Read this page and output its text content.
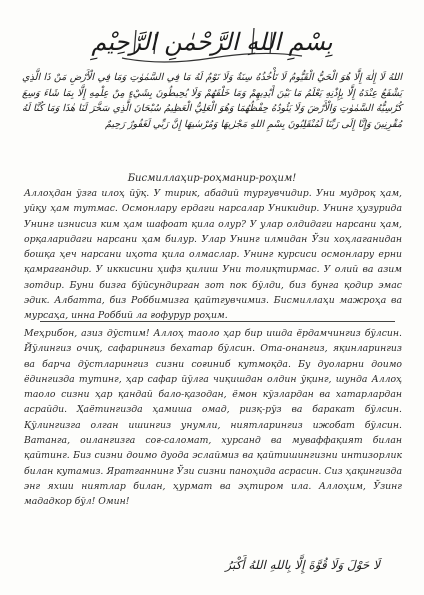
بِسْمِ اللهِ الرَّحْمٰنِ الرَّحِيْمِ
اللهُ لَا إِلٰهَ إِلَّا هُوَ الْحَيُّ الْقَيُّومُ لَا تَأْخُذُهُ سِنَةٌ وَلَا نَوْمٌ لَهُ مَا فِي السَّمٰوٰتِ وَمَا فِي الْأَرْضِ مَنْ ذَا الَّذِي يَشْفَعُ عِنْدَهُ إِلَّا بِإِذْنِهِ يَعْلَمُ مَا بَيْنَ أَيْدِيهِمْ وَمَا خَلْفَهُمْ وَلَا يُحِيطُونَ بِشَيْءٍ مِنْ عِلْمِهِ إِلَّا بِمَا شَاءَ وَسِعَ كُرْسِيُّهُ السَّمٰوٰتِ وَالْأَرْضَ وَلَا يَئُودُهُ حِفْظُهُمَا وَهُوَ الْعَلِيُّ الْعَظِيمُ سُبْحَانَ الَّذِي سَخَّرَ لَنَا هٰذَا وَمَا كُنَّا لَهُ مُقْرِنِينَ وَإِنَّا إِلَى رَبِّنَا لَمُنْقَلِبُونَ بِسْمِ اللهِ مَجْرٰيهَا وَمُرْسٰيهَا إِنَّ رَبِّي لَغَفُورٌ رَحِيمٌ
Бисмиллаҳир-роҳманир-роҳим!
Аллоҳдан ўзгa илоҳ йўқ. У тирик, абадий тургувчидир. Уни мудроқ ҳам, уйқу ҳам тутмас. Осмонлару ердаги нарсалар Уникидир. Унинг ҳузурида Унинг изнисиз ким ҳам шафоат қила олур? У улар олдидаги нарсани ҳам, орқаларидаги нарсани ҳам билур. Улар Унинг илмидан Ўзи хоҳлаганидан бошқа ҳеч нарсани иҳота қила олмаслар. Унинг курсиси осмонлару ерни қамрагандир. У иккисини ҳифз қилиш Уни толиқтирмас. У олий ва азим зотдир. Буни бизга бўйсундирган зот пок бўлди, биз бунга қодир эмас эдик. Албатта, биз Роббимизга қайтгувчимиз. Бисмиллаҳи мажроҳа ва мурсаҳа, инна Роббий ла ғофурур роҳим.
Меҳрибон, азиз дўстим! Аллоҳ таоло ҳар бир ишда ёрдамчингиз бўлсин. Йўлингиз очиқ, сафарингиз бехатар бўлсин. Ота-онангиз, яқинларингиз ва барча дўстларингиз сизни соғиниб кутмоқда. Бу дуоларни доимо ёдингизда тутинг, ҳар сафар йўлга чиқишдан олдин ўқинг, шунда Аллоҳ таоло сизни ҳар қандай бало-қазодан, ёмон кўзлардан ва хатарлардан асрайди. Ҳаётингизда ҳамиша омад, ризқ-рўз ва баракат бўлсин. Қўлингизга олган ишингиз унумли, ниятларингиз ижобат бўлсин. Ватанга, оилангизга соғ-саломат, хурсанд ва муваффақият билан қайтинг. Биз сизни доимо дуода эслаймиз ва қайтишингизни интизорлик билан кутамиз. Яратганнинг Ўзи сизни паноҳида асрасин. Сиз ҳақингизда энг яхши ниятлар билан, ҳурмат ва эҳтиром ила. Аллоҳим, Ўзинг мададкор бўл! Омин!
لَا حَوْلَ وَلَا قُوَّةَ إِلَّا بِاللهِ اللهُ أَكْبَرُ
